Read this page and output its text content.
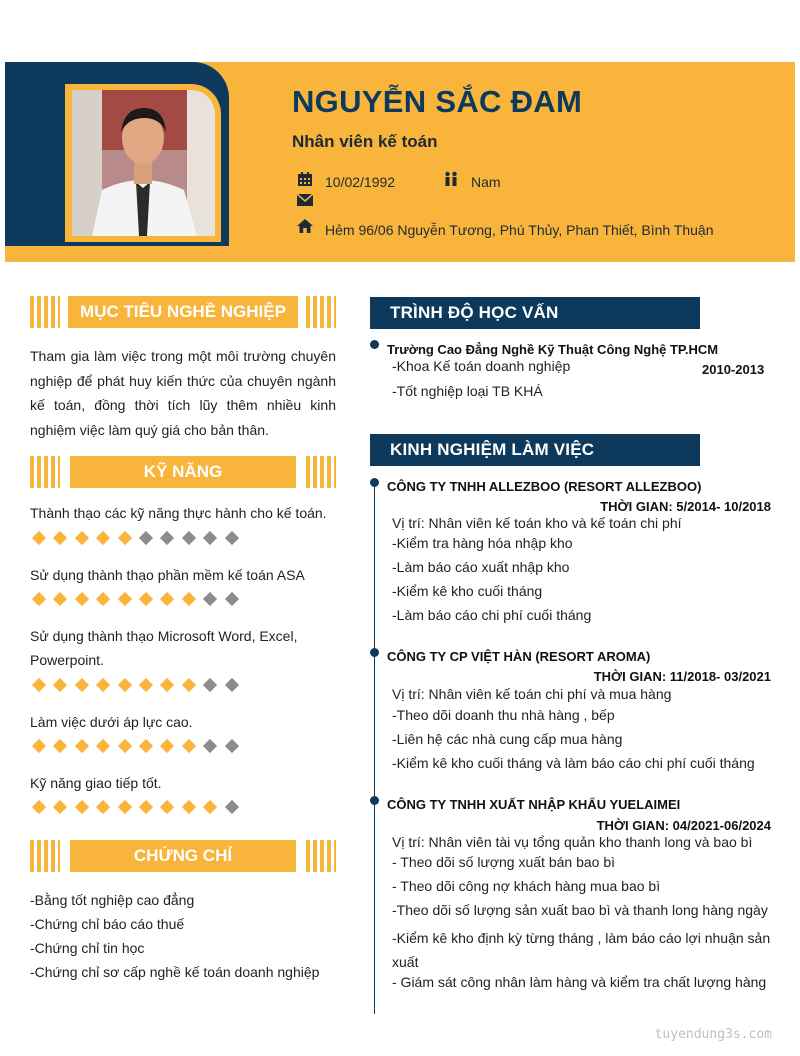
NGUYỄN SẮC ĐAM
Nhân viên kế toán
10/02/1992	Nam
Hẻm 96/06 Nguyễn Tương, Phú Thủy, Phan Thiết, Bình Thuận
MỤC TIÊU NGHỀ NGHIỆP
Tham gia làm việc trong một môi trường chuyên nghiệp để phát huy kiến thức của chuyên ngành kế toán, đồng thời tích lũy thêm nhiều kinh nghiệm việc làm quý giá cho bản thân.
KỸ NĂNG
Thành thạo các kỹ năng thực hành cho kế toán.
Sử dụng thành thạo phần mềm kế toán ASA
Sử dụng thành thạo Microsoft Word, Excel, Powerpoint.
Làm việc dưới áp lực cao.
Kỹ năng giao tiếp tốt.
CHỨNG CHỈ
-Bằng tốt nghiệp cao đẳng
-Chứng chỉ báo cáo thuế
-Chứng chỉ tin học
-Chứng chỉ sơ cấp nghề kế toán doanh nghiệp
TRÌNH ĐỘ HỌC VẤN
Trường Cao Đẳng Nghề Kỹ Thuật Công Nghệ TP.HCM
-Khoa Kế toán doanh nghiệp	2010-2013
-Tốt nghiệp loại TB KHÁ
KINH NGHIỆM LÀM VIỆC
CÔNG TY TNHH ALLEZBOO (RESORT ALLEZBOO)
THỜI GIAN: 5/2014- 10/2018
Vị trí: Nhân viên kế toán kho và kế toán chi phí
-Kiểm tra hàng hóa nhập kho
-Làm báo cáo xuất nhập kho
-Kiểm kê kho cuối tháng
-Làm báo cáo chi phí cuối tháng
CÔNG TY CP VIỆT HÀN (RESORT AROMA)
THỜI GIAN: 11/2018- 03/2021
Vị trí: Nhân viên kế toán chi phí và mua hàng
-Theo dõi doanh thu nhà hàng , bếp
-Liên hệ các nhà cung cấp mua hàng
-Kiểm kê kho cuối tháng và làm báo cáo chi phí cuối tháng
CÔNG TY TNHH XUẤT NHẬP KHẨU YUELAIMEI
THỜI GIAN: 04/2021-06/2024
Vị trí: Nhân viên tài vụ tổng quản kho thanh long và bao bì
- Theo dõi số lượng xuất bán bao bì
- Theo dõi công nợ khách hàng mua bao bì
-Theo dõi số lượng sản xuất bao bì và thanh long hàng ngày
-Kiểm kê kho định kỳ từng tháng , làm báo cáo lợi nhuận sản xuất
- Giám sát công nhân làm hàng và kiểm tra chất lượng hàng
tuyendung3s.com
